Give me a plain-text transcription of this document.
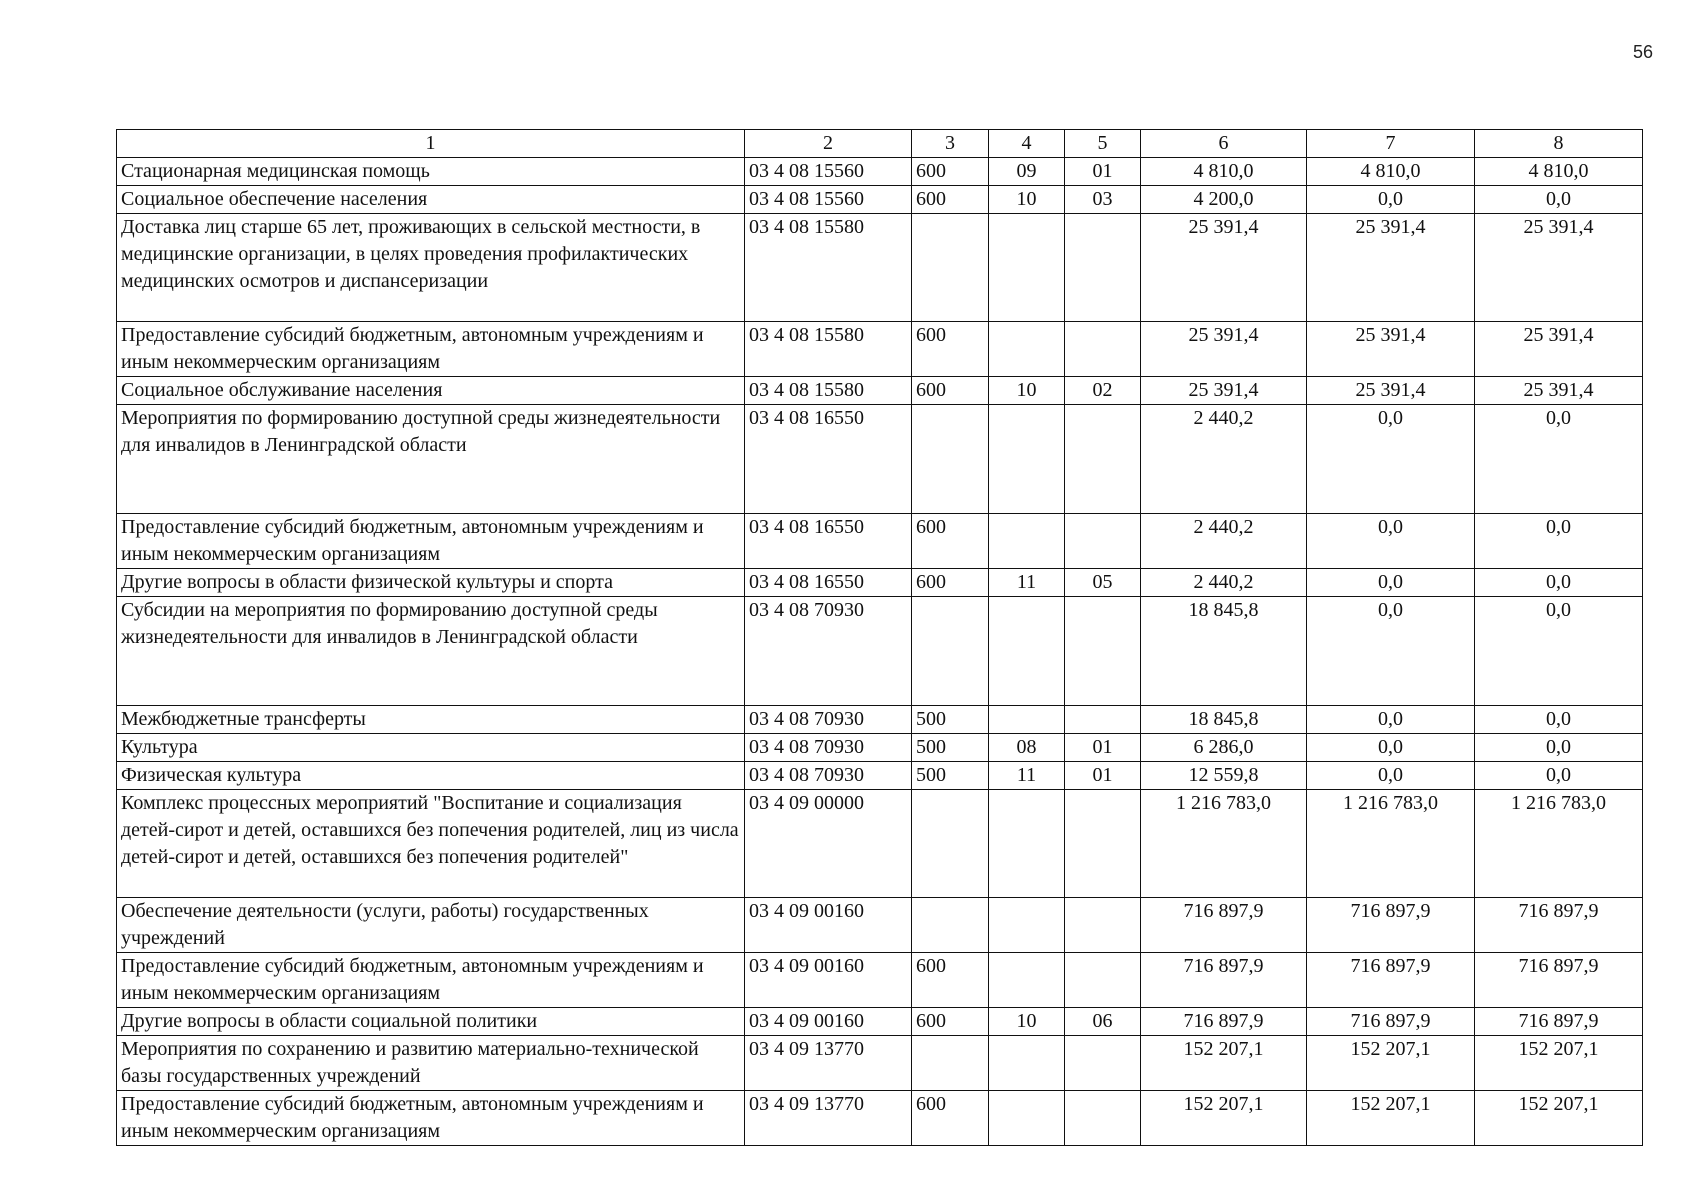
56
1	2	3	4	5	6	7	8
Стационарная медицинская помощь	03 4 08 15560	600	09	01	4 810,0	4 810,0	4 810,0
Социальное обеспечение населения	03 4 08 15560	600	10	03	4 200,0	0,0	0,0
Доставка лиц старше 65 лет, проживающих в сельской местности, в медицинские организации, в целях проведения профилактических медицинских осмотров и диспансеризации	03 4 08 15580				25 391,4	25 391,4	25 391,4
Предоставление субсидий бюджетным, автономным учреждениям и иным некоммерческим организациям	03 4 08 15580	600			25 391,4	25 391,4	25 391,4
Социальное обслуживание населения	03 4 08 15580	600	10	02	25 391,4	25 391,4	25 391,4
Мероприятия по формированию доступной среды жизнедеятельности для инвалидов в Ленинградской области	03 4 08 16550				2 440,2	0,0	0,0
Предоставление субсидий бюджетным, автономным учреждениям и иным некоммерческим организациям	03 4 08 16550	600			2 440,2	0,0	0,0
Другие вопросы в области физической культуры и спорта	03 4 08 16550	600	11	05	2 440,2	0,0	0,0
Субсидии на мероприятия по формированию доступной среды жизнедеятельности для инвалидов в Ленинградской области	03 4 08 70930				18 845,8	0,0	0,0
Межбюджетные трансферты	03 4 08 70930	500			18 845,8	0,0	0,0
Культура	03 4 08 70930	500	08	01	6 286,0	0,0	0,0
Физическая культура	03 4 08 70930	500	11	01	12 559,8	0,0	0,0
Комплекс процессных мероприятий "Воспитание и социализация детей-сирот и детей, оставшихся без попечения родителей, лиц из числа детей-сирот и детей, оставшихся без попечения родителей"	03 4 09 00000				1 216 783,0	1 216 783,0	1 216 783,0
Обеспечение деятельности (услуги, работы) государственных учреждений	03 4 09 00160				716 897,9	716 897,9	716 897,9
Предоставление субсидий бюджетным, автономным учреждениям и иным некоммерческим организациям	03 4 09 00160	600			716 897,9	716 897,9	716 897,9
Другие вопросы в области социальной политики	03 4 09 00160	600	10	06	716 897,9	716 897,9	716 897,9
Мероприятия по сохранению и развитию материально-технической базы государственных учреждений	03 4 09 13770				152 207,1	152 207,1	152 207,1
Предоставление субсидий бюджетным, автономным учреждениям и иным некоммерческим организациям	03 4 09 13770	600			152 207,1	152 207,1	152 207,1
